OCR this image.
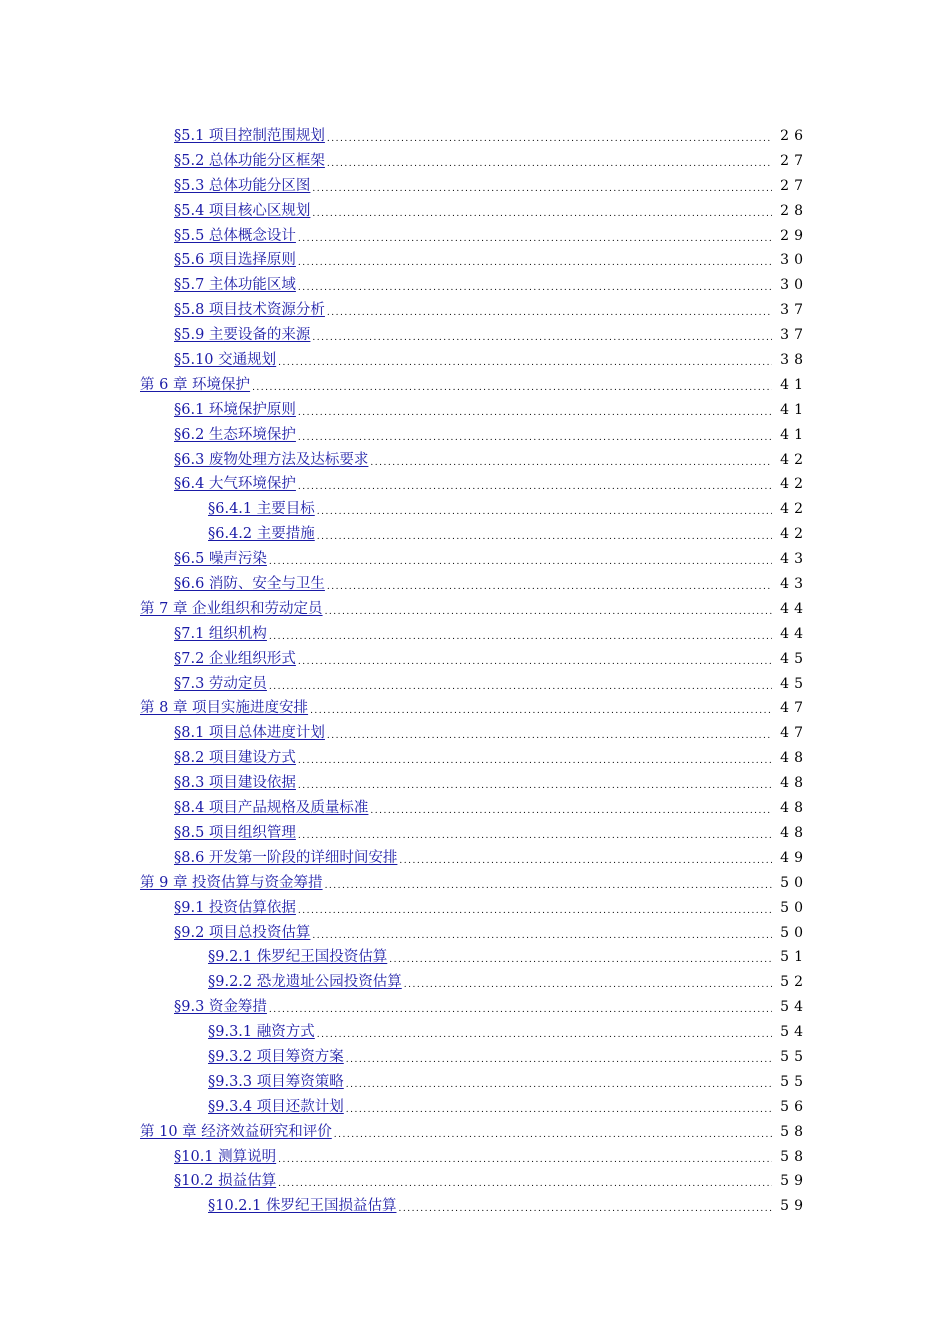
§5.1 项目控制范围规划 .....	26
§5.2 总体功能分区框架 .....	27
§5.3 总体功能分区图 .....	27
§5.4 项目核心区规划 .....	28
§5.5 总体概念设计 .....	29
§5.6 项目选择原则 .....	30
§5.7 主体功能区域 .....	30
§5.8 项目技术资源分析 .....	37
§5.9 主要设备的来源 .....	37
§5.10 交通规划 .....	38
第 6 章 环境保护 .....	41
§6.1 环境保护原则 .....	41
§6.2 生态环境保护 .....	41
§6.3 废物处理方法及达标要求 .....	42
§6.4 大气环境保护 .....	42
§6.4.1 主要目标 .....	42
§6.4.2 主要措施 .....	42
§6.5 噪声污染 .....	43
§6.6 消防、安全与卫生 .....	43
第 7 章 企业组织和劳动定员 .....	44
§7.1 组织机构 .....	44
§7.2 企业组织形式 .....	45
§7.3 劳动定员 .....	45
第 8 章 项目实施进度安排 .....	47
§8.1 项目总体进度计划 .....	47
§8.2 项目建设方式 .....	48
§8.3 项目建设依据 .....	48
§8.4 项目产品规格及质量标准 .....	48
§8.5 项目组织管理 .....	48
§8.6 开发第一阶段的详细时间安排 .....	49
第 9 章 投资估算与资金筹措 .....	50
§9.1 投资估算依据 .....	50
§9.2 项目总投资估算 .....	50
§9.2.1 侏罗纪王国投资估算 .....	51
§9.2.2 恐龙遗址公园投资估算 .....	52
§9.3 资金筹措 .....	54
§9.3.1 融资方式 .....	54
§9.3.2 项目筹资方案 .....	55
§9.3.3 项目筹资策略 .....	55
§9.3.4 项目还款计划 .....	56
第 10 章 经济效益研究和评价 .....	58
§10.1 测算说明 .....	58
§10.2 损益估算 .....	59
§10.2.1 侏罗纪王国损益估算 .....	59
